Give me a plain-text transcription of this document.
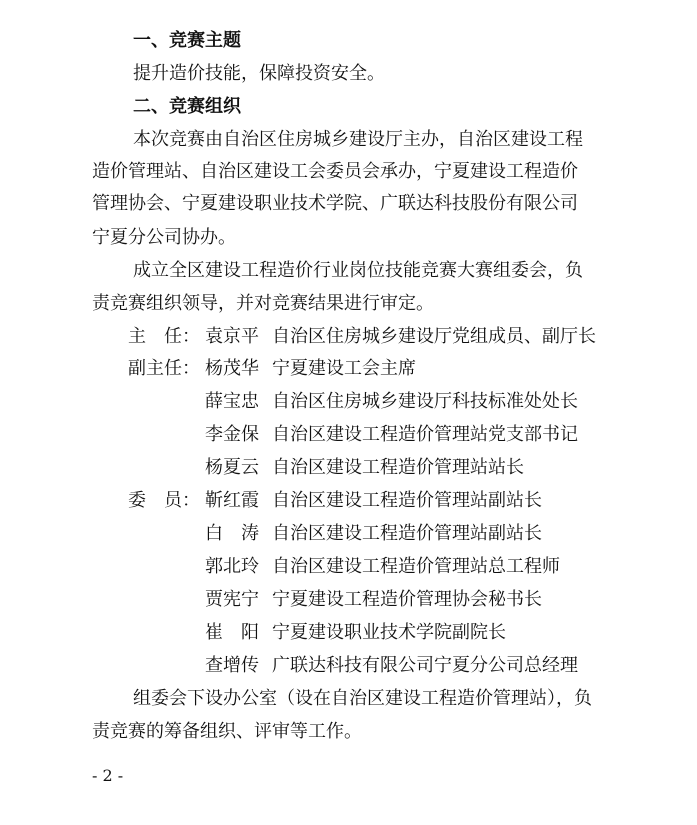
一、竞赛主题
提升造价技能，保障投资安全。
二、竞赛组织
本次竞赛由自治区住房城乡建设厅主办，自治区建设工程
造价管理站、自治区建设工会委员会承办，宁夏建设工程造价
管理协会、宁夏建设职业技术学院、广联达科技股份有限公司
宁夏分公司协办。
成立全区建设工程造价行业岗位技能竞赛大赛组委会，负
责竞赛组织领导，并对竞赛结果进行审定。
主　任： 袁京平 自治区住房城乡建设厅党组成员、副厅长
副主任： 杨茂华 宁夏建设工会主席
薛宝忠 自治区住房城乡建设厅科技标准处处长
李金保 自治区建设工程造价管理站党支部书记
杨夏云 自治区建设工程造价管理站站长
委　员： 靳红霞 自治区建设工程造价管理站副站长
白　涛 自治区建设工程造价管理站副站长
郭北玲 自治区建设工程造价管理站总工程师
贾宪宁 宁夏建设工程造价管理协会秘书长
崔　阳 宁夏建设职业技术学院副院长
查增传 广联达科技有限公司宁夏分公司总经理
组委会下设办公室（设在自治区建设工程造价管理站），负
责竞赛的筹备组织、评审等工作。
- 2 -
